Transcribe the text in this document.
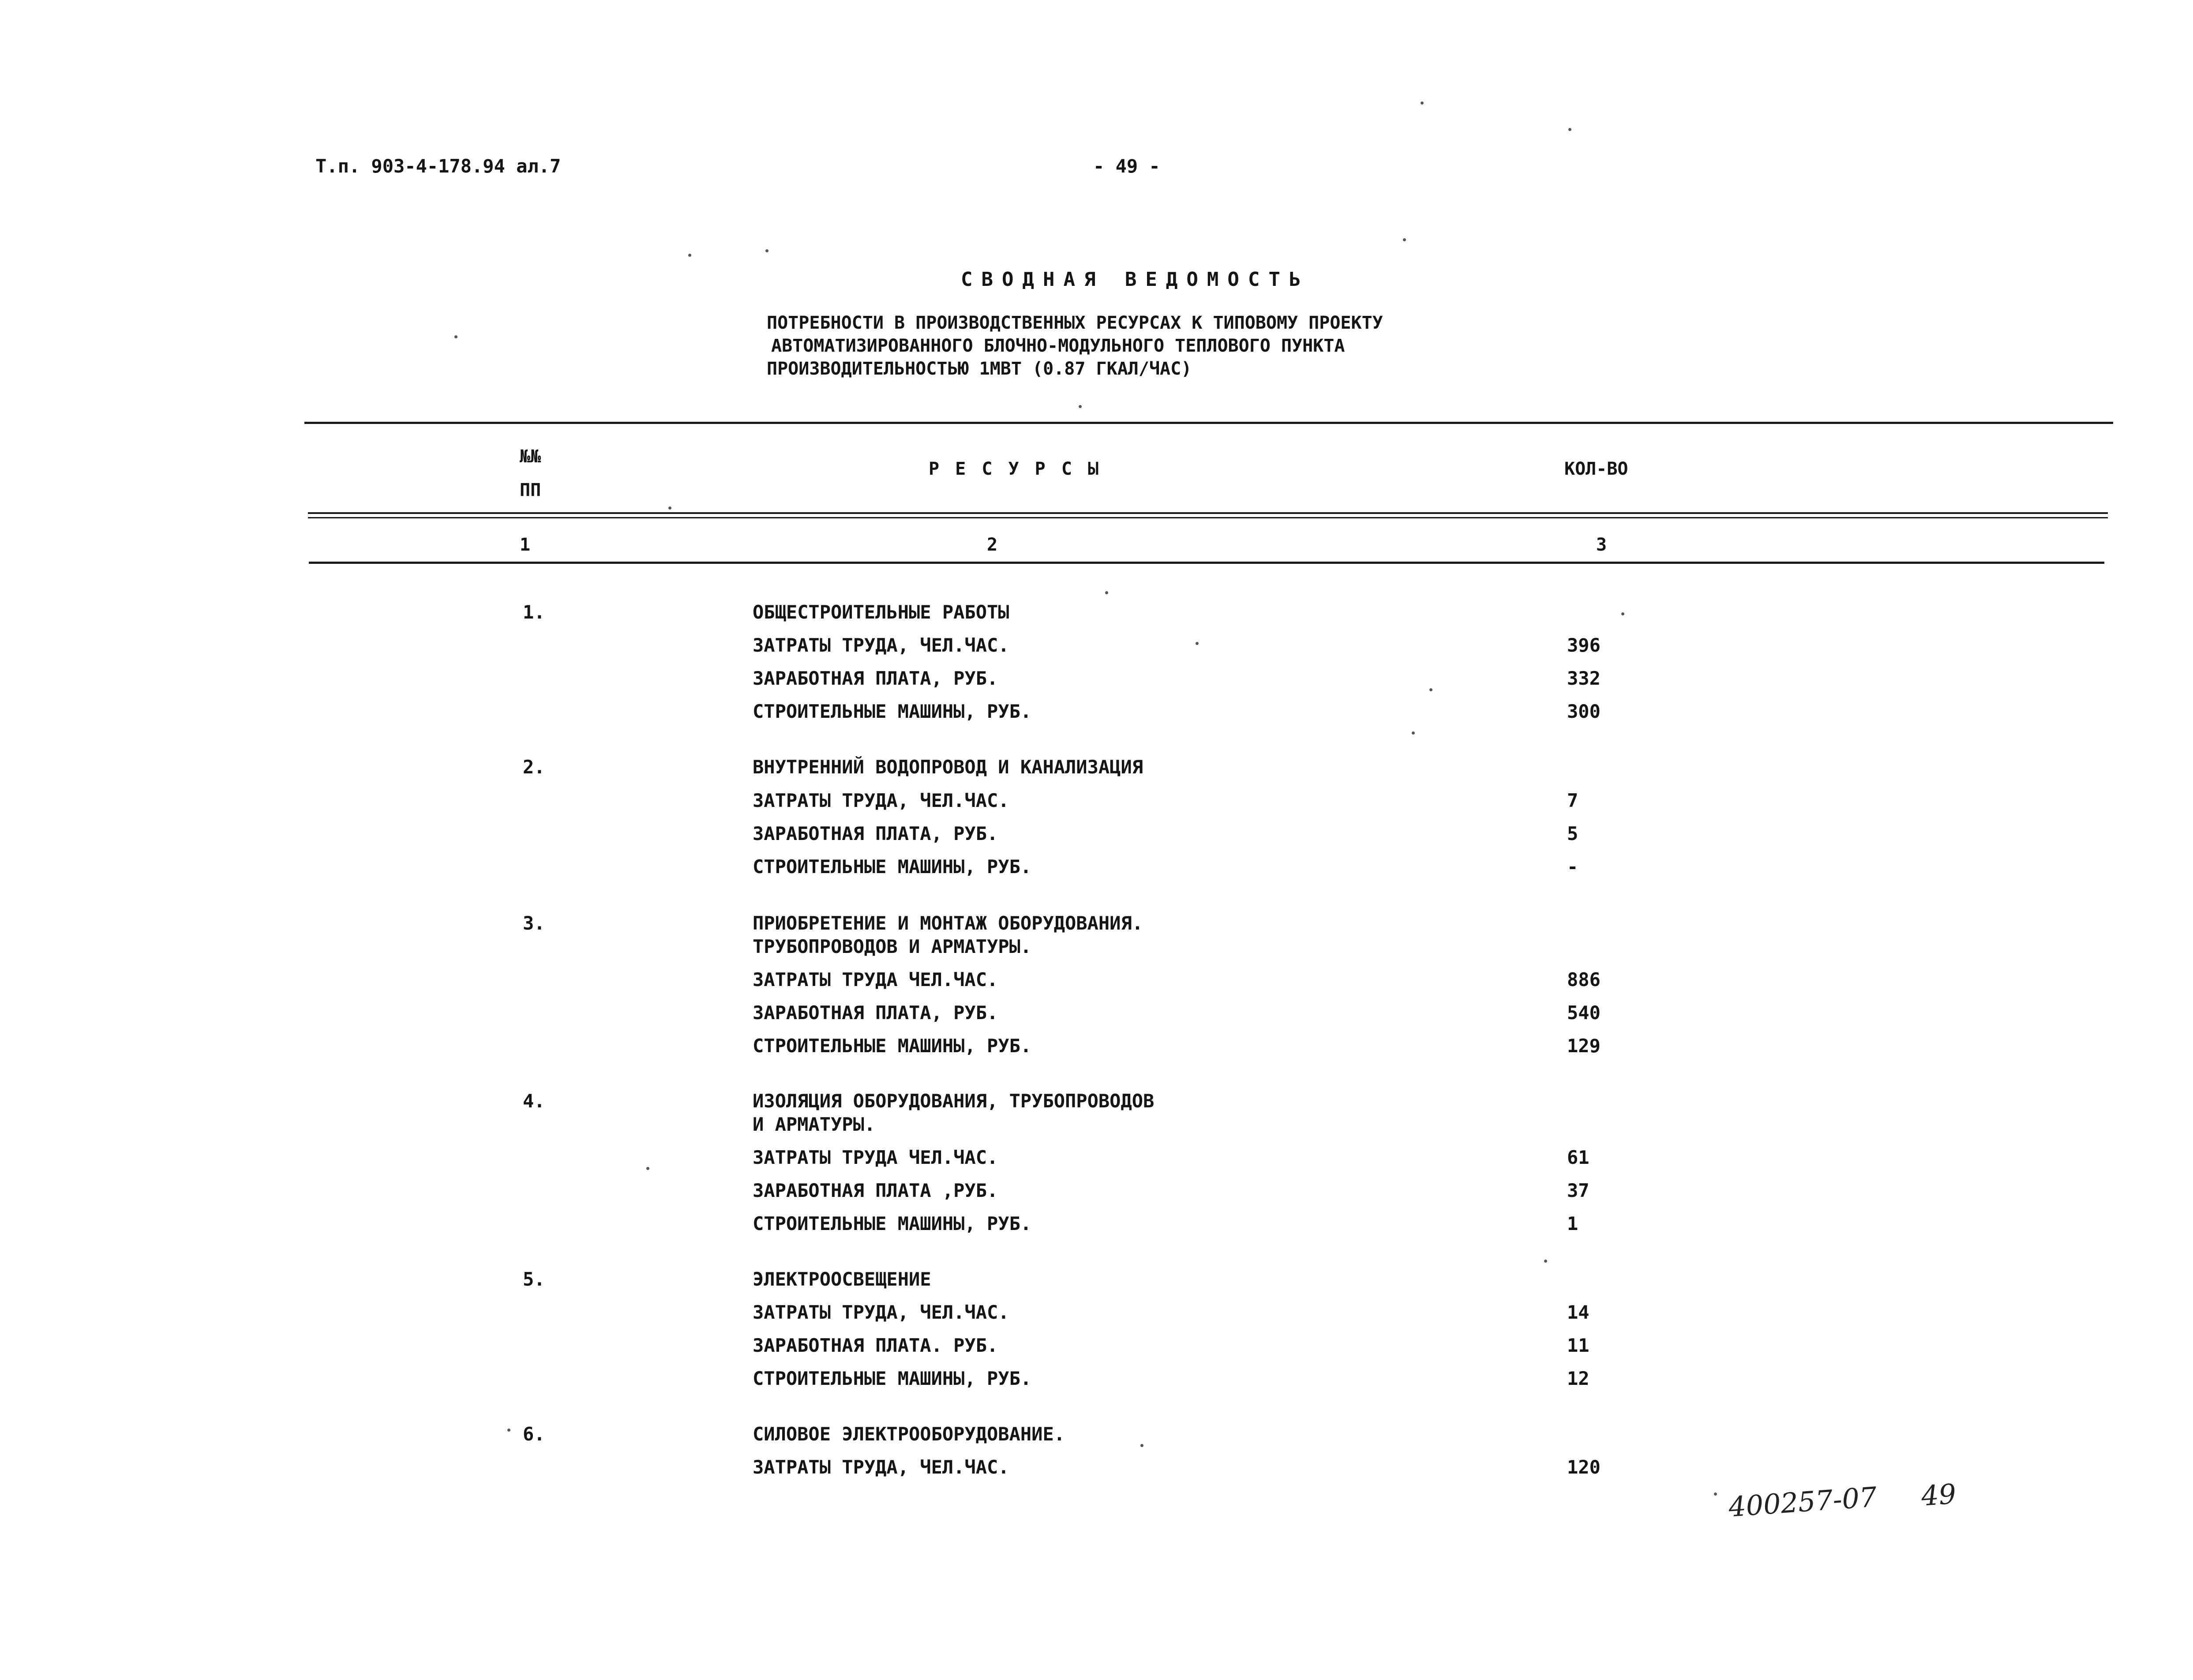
Т.п. 903-4-178.94 ал.7	- 49 -
СВОДНАЯ ВЕДОМОСТЬ
ПОТРЕБНОСТИ В ПРОИЗВОДСТВЕННЫХ РЕСУРСАХ К ТИПОВОМУ ПРОЕКТУ
АВТОМАТИЗИРОВАННОГО БЛОЧНО-МОДУЛЬНОГО ТЕПЛОВОГО ПУНКТА
ПРОИЗВОДИТЕЛЬНОСТЬЮ 1МВТ (0.87 ГКАЛ/ЧАС)
№№
ПП
Р Е С У Р С Ы	КОЛ-ВО
1	2	3
1.	ОБЩЕСТРОИТЕЛЬНЫЕ РАБОТЫ
ЗАТРАТЫ ТРУДА, ЧЕЛ.ЧАС.	396
ЗАРАБОТНАЯ ПЛАТА, РУБ.	332
СТРОИТЕЛЬНЫЕ МАШИНЫ, РУБ.	300
2.	ВНУТРЕННИЙ ВОДОПРОВОД И КАНАЛИЗАЦИЯ
ЗАТРАТЫ ТРУДА, ЧЕЛ.ЧАС.	7
ЗАРАБОТНАЯ ПЛАТА, РУБ.	5
СТРОИТЕЛЬНЫЕ МАШИНЫ, РУБ.	-
3.	ПРИОБРЕТЕНИЕ И МОНТАЖ ОБОРУДОВАНИЯ.
ТРУБОПРОВОДОВ И АРМАТУРЫ.
ЗАТРАТЫ ТРУДА ЧЕЛ.ЧАС.	886
ЗАРАБОТНАЯ ПЛАТА, РУБ.	540
СТРОИТЕЛЬНЫЕ МАШИНЫ, РУБ.	129
4.	ИЗОЛЯЦИЯ ОБОРУДОВАНИЯ, ТРУБОПРОВОДОВ
И АРМАТУРЫ.
ЗАТРАТЫ ТРУДА ЧЕЛ.ЧАС.	61
ЗАРАБОТНАЯ ПЛАТА ,РУБ.	37
СТРОИТЕЛЬНЫЕ МАШИНЫ, РУБ.	1
5.	ЭЛЕКТРООСВЕЩЕНИЕ
ЗАТРАТЫ ТРУДА, ЧЕЛ.ЧАС.	14
ЗАРАБОТНАЯ ПЛАТА. РУБ.	11
СТРОИТЕЛЬНЫЕ МАШИНЫ, РУБ.	12
6.	СИЛОВОЕ ЭЛЕКТРООБОРУДОВАНИЕ.
ЗАТРАТЫ ТРУДА, ЧЕЛ.ЧАС.	120
400257-07 49
